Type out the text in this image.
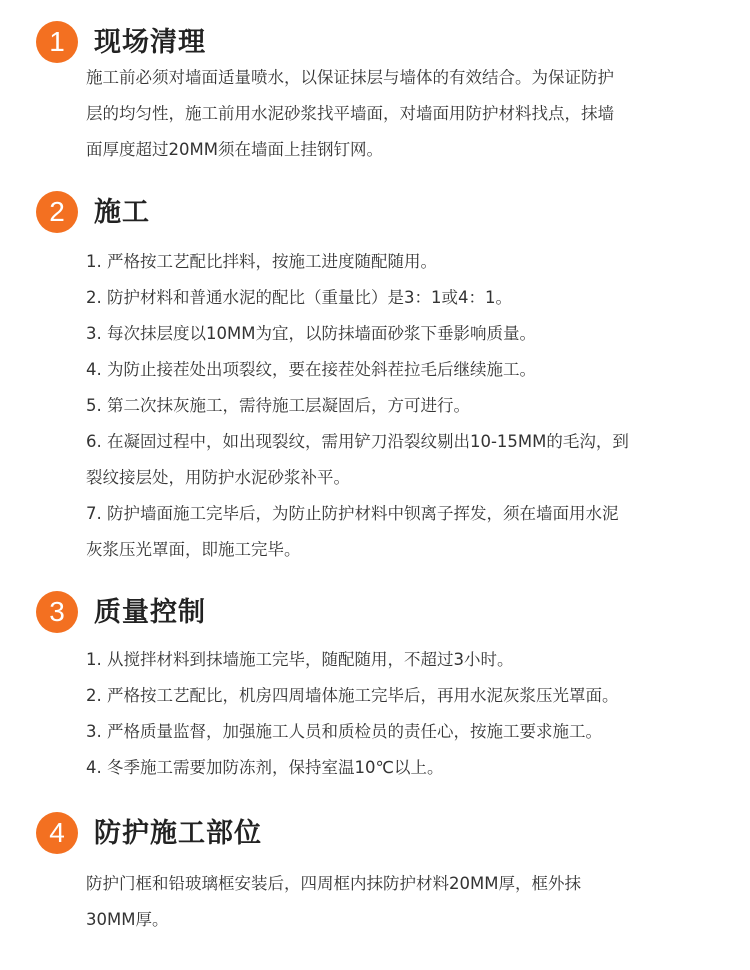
1	现场清理

施工前必须对墙面适量喷水，以保证抹层与墙体的有效结合。为保证防护

层的均匀性，施工前用水泥砂浆找平墙面，对墙面用防护材料找点，抹墙

面厚度超过20MM须在墙面上挂钢钉网。

2	施工

1. 严格按工艺配比拌料，按施工进度随配随用。

2. 防护材料和普通水泥的配比（重量比）是3：1或4：1。

3. 每次抹层度以10MM为宜，以防抹墙面砂浆下垂影响质量。

4. 为防止接茬处出项裂纹，要在接茬处斜茬拉毛后继续施工。

5. 第二次抹灰施工，需待施工层凝固后，方可进行。

6. 在凝固过程中，如出现裂纹，需用铲刀沿裂纹剔出10-15MM的毛沟，到

裂纹接层处，用防护水泥砂浆补平。

7. 防护墙面施工完毕后，为防止防护材料中钡离子挥发，须在墙面用水泥

灰浆压光罩面，即施工完毕。

3	质量控制

1. 从搅拌材料到抹墙施工完毕，随配随用，不超过3小时。

2. 严格按工艺配比，机房四周墙体施工完毕后，再用水泥灰浆压光罩面。

3. 严格质量监督，加强施工人员和质检员的责任心，按施工要求施工。

4. 冬季施工需要加防冻剂，保持室温10℃以上。

4	防护施工部位

防护门框和铅玻璃框安装后，四周框内抹防护材料20MM厚，框外抹

30MM厚。
